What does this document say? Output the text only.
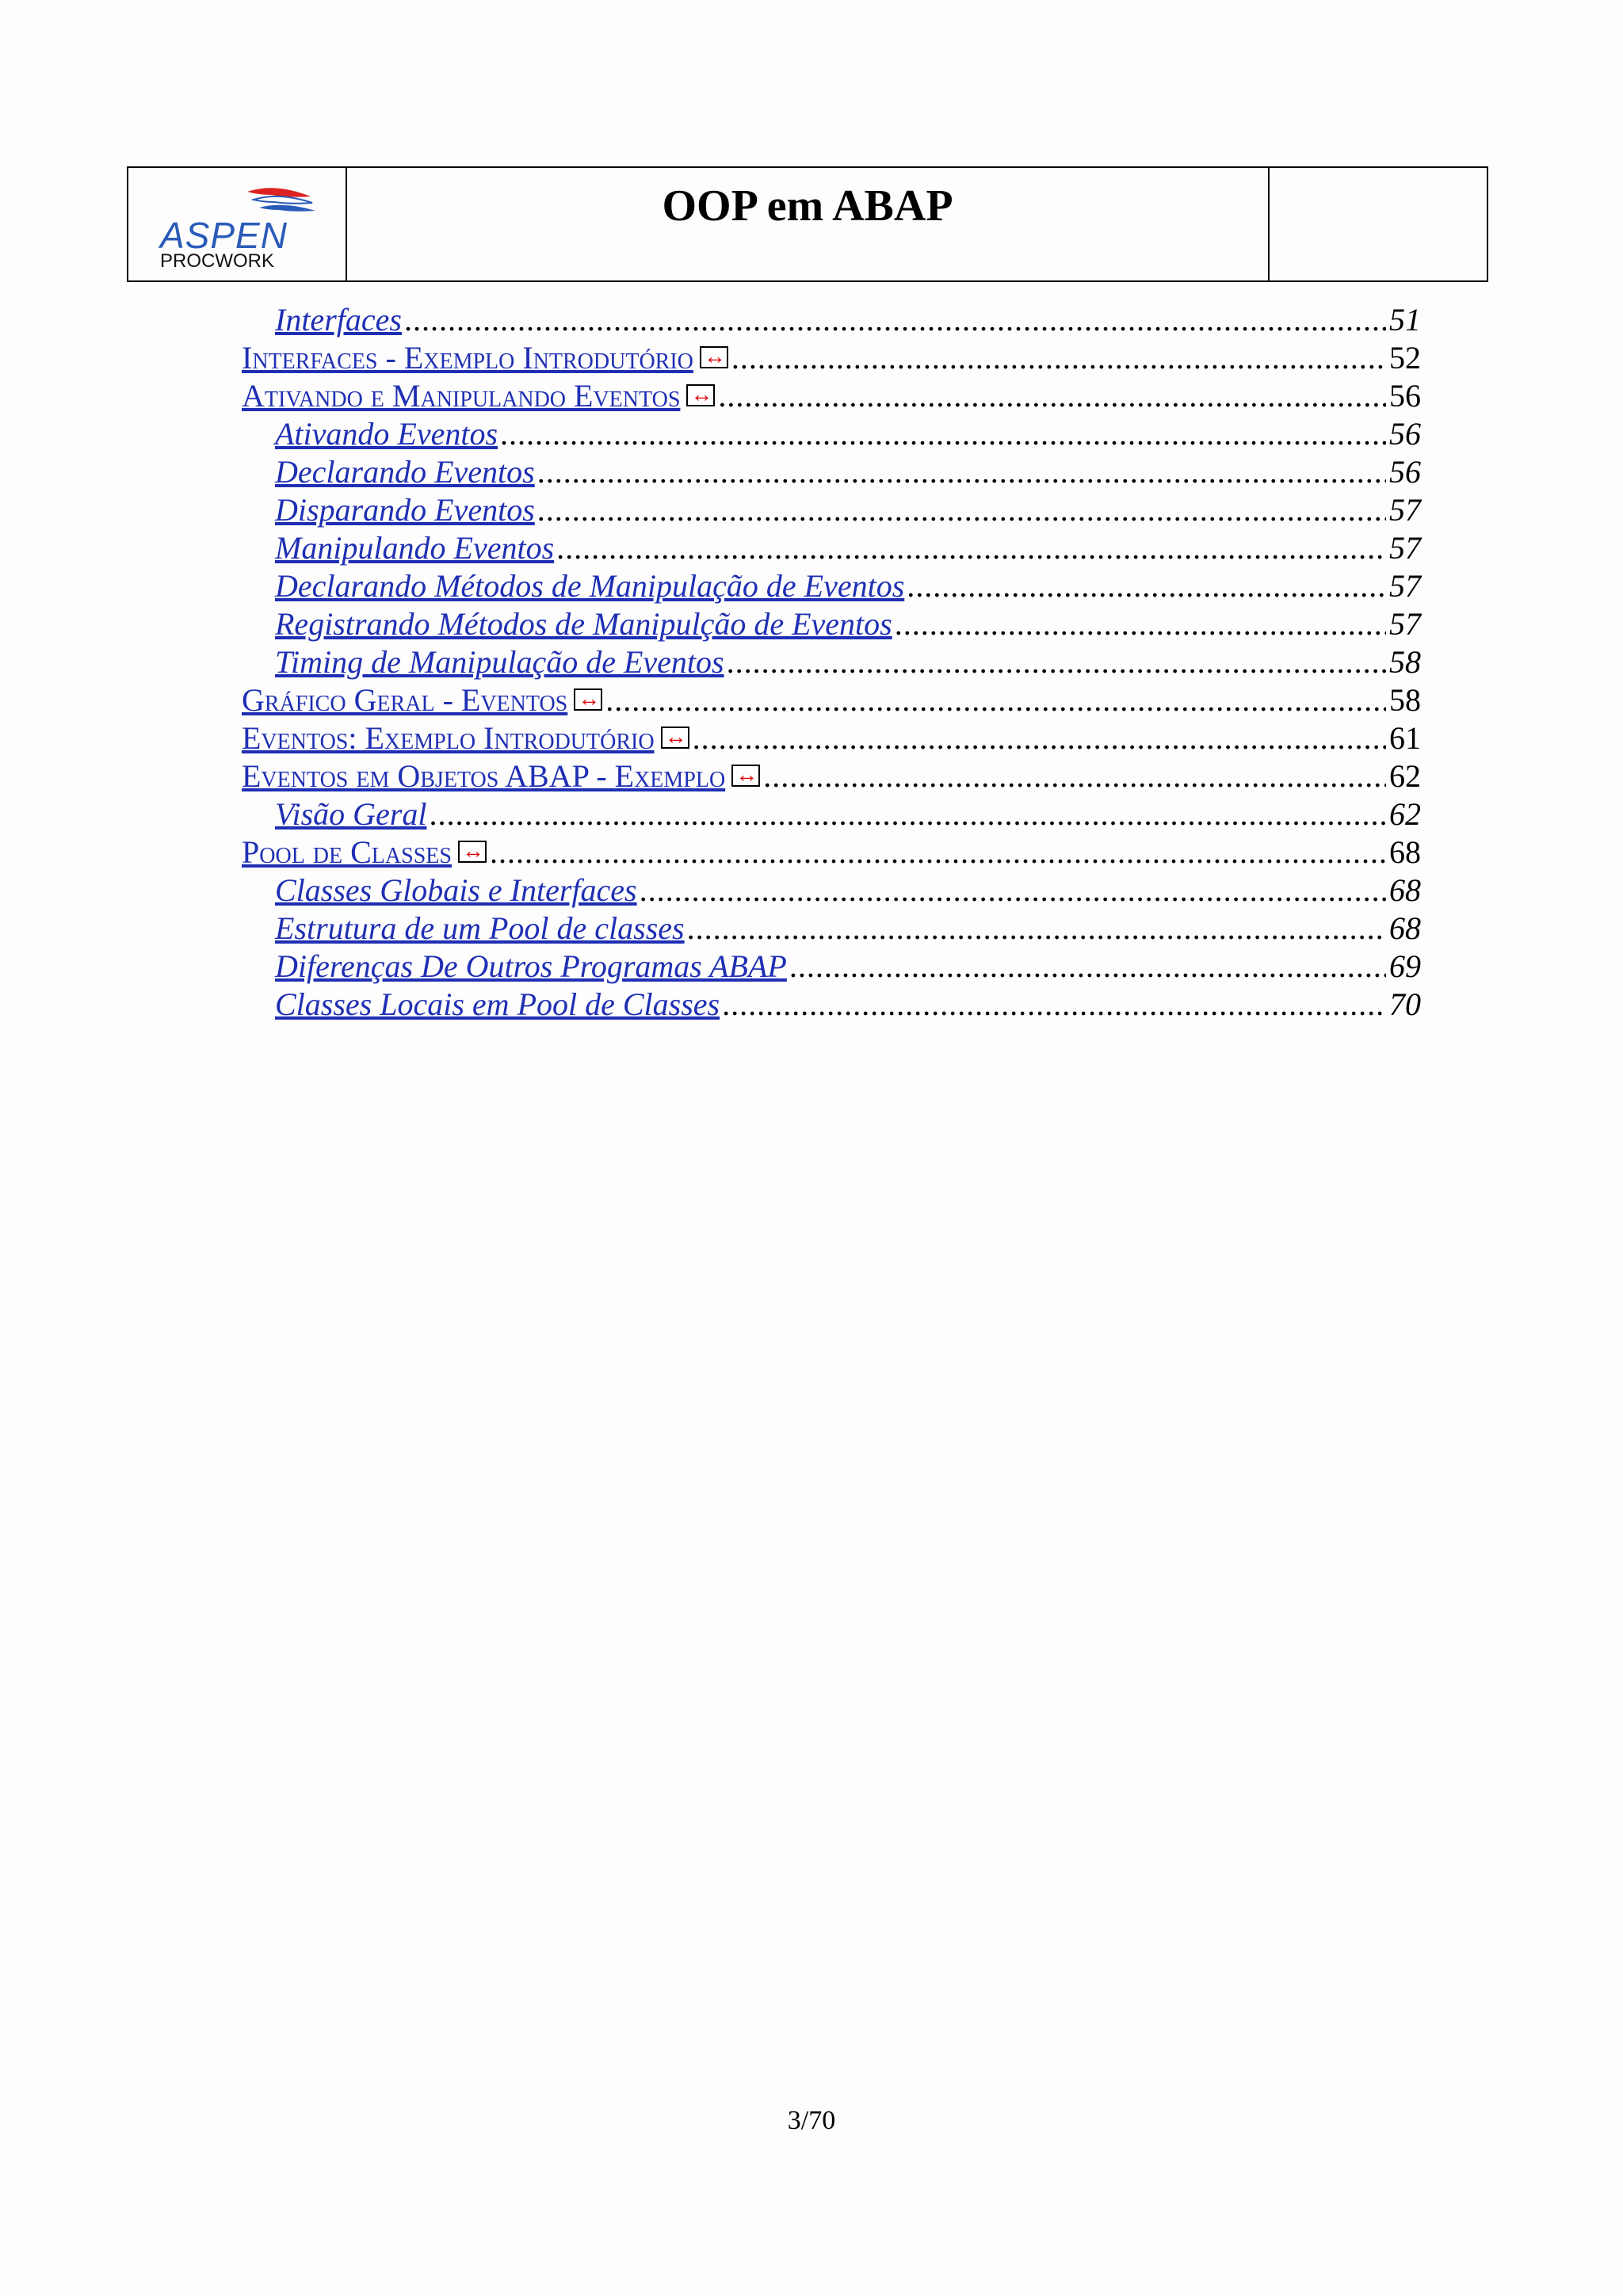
ASPEN
PROCWORK
OOP em ABAP
Interfaces .....	51
Interfaces - Exemplo Introdutório ↔ .....	52
Ativando e Manipulando Eventos ↔ .....	56
Ativando Eventos .....	56
Declarando Eventos .....	56
Disparando Eventos .....	57
Manipulando Eventos .....	57
Declarando Métodos de Manipulação de Eventos .....	57
Registrando Métodos de Manipulção de Eventos .....	57
Timing de Manipulação de Eventos .....	58
Gráfico Geral - Eventos ↔ .....	58
Eventos: Exemplo Introdutório ↔ .....	61
Eventos em Objetos ABAP - Exemplo ↔ .....	62
Visão Geral .....	62
Pool de Classes ↔ .....	68
Classes Globais e Interfaces .....	68
Estrutura de um Pool de classes .....	68
Diferenças De Outros Programas ABAP .....	69
Classes Locais em Pool de Classes .....	70
3/70
